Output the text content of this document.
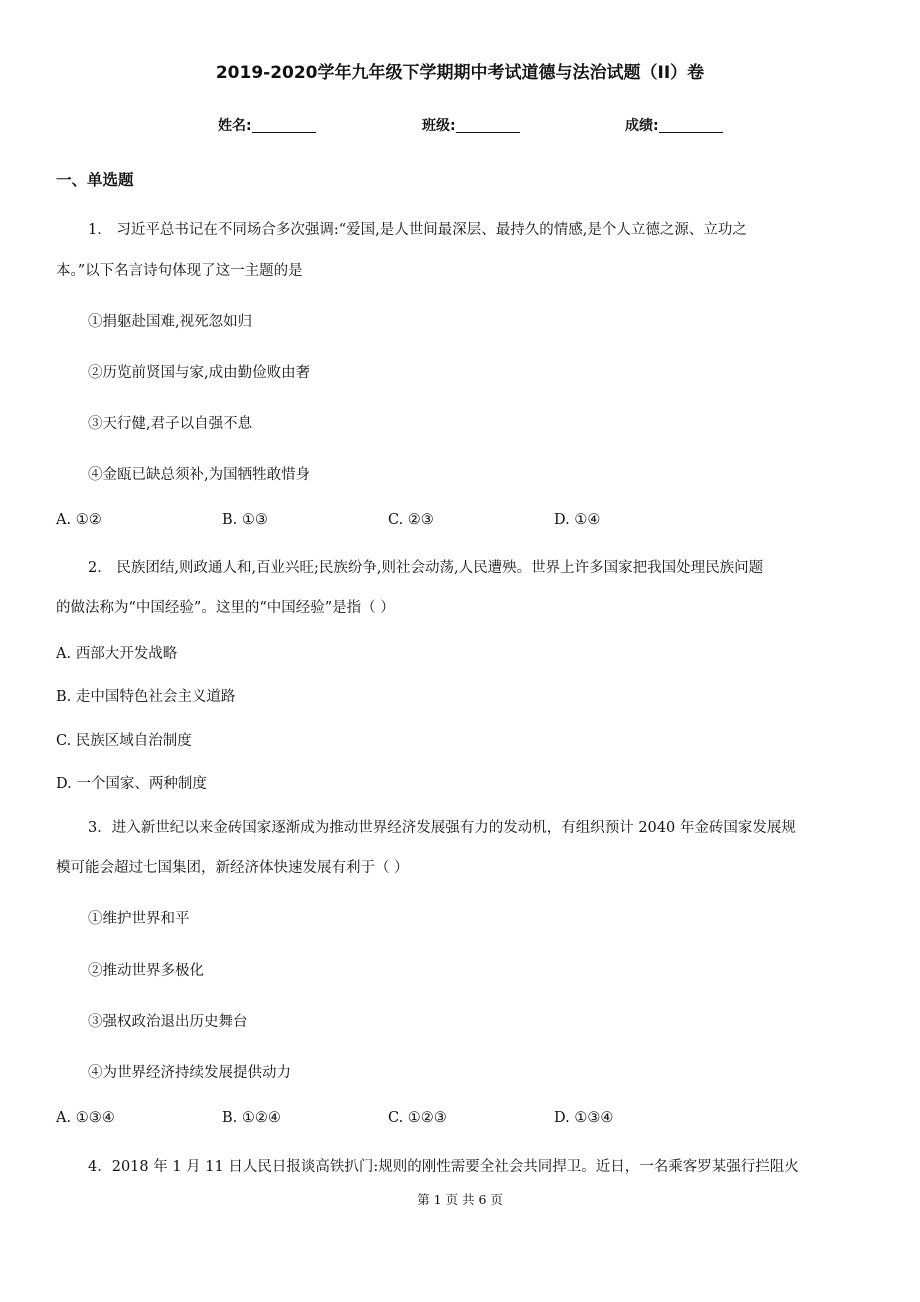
2019-2020学年九年级下学期期中考试道德与法治试题（II）卷
姓名:	班级:	成绩:
一、单选题
1． 习近平总书记在不同场合多次强调:“爱国,是人世间最深层、最持久的情感,是个人立德之源、立功之
本。”以下名言诗句体现了这一主题的是
①捐躯赴国难,视死忽如归
②历览前贤国与家,成由勤俭败由奢
③天行健,君子以自强不息
④金瓯已缺总须补,为国牺牲敢惜身
A. ①②	B. ①③	C. ②③	D. ①④
2． 民族团结,则政通人和,百业兴旺;民族纷争,则社会动荡,人民遭殃。世界上许多国家把我国处理民族问题
的做法称为“中国经验”。这里的“中国经验”是指（ ）
A. 西部大开发战略
B. 走中国特色社会主义道路
C. 民族区域自治制度
D. 一个国家、两种制度
3．进入新世纪以来金砖国家逐渐成为推动世界经济发展强有力的发动机，有组织预计 2040 年金砖国家发展规
模可能会超过七国集团，新经济体快速发展有利于（ ）
①维护世界和平
②推动世界多极化
③强权政治退出历史舞台
④为世界经济持续发展提供动力
A. ①③④	B. ①②④	C. ①②③	D. ①③④
4．2018 年 1 月 11 日人民日报谈高铁扒门:规则的刚性需要全社会共同捍卫。近日，一名乘客罗某强行拦阻火
第 1 页 共 6 页
